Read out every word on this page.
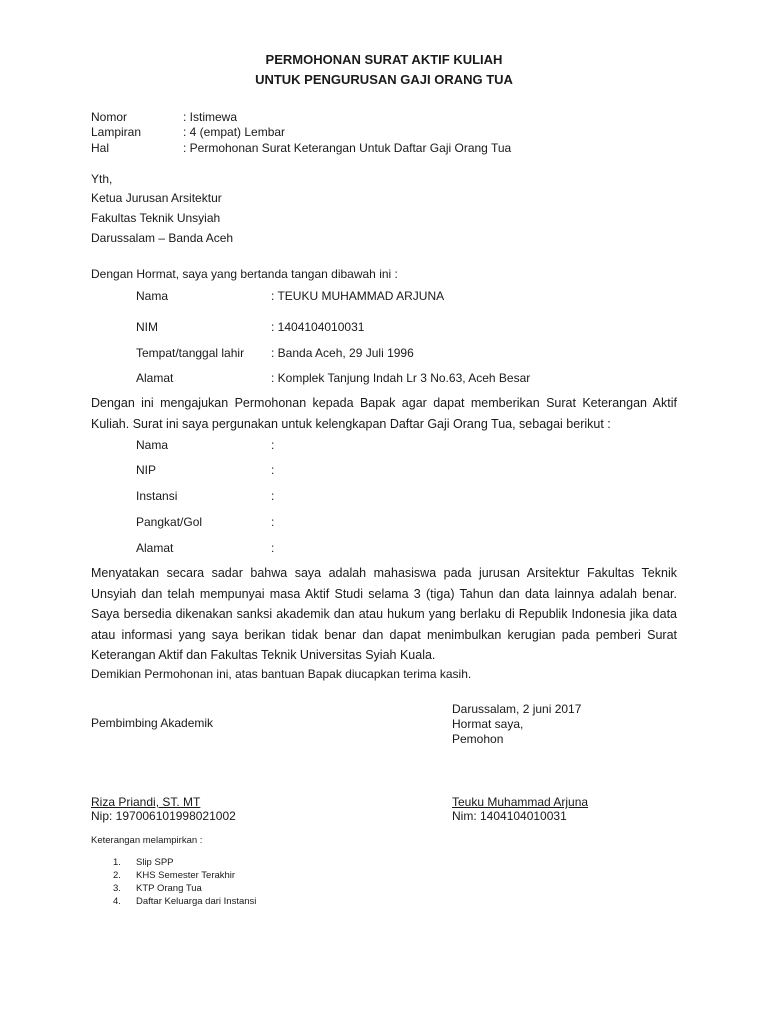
PERMOHONAN SURAT AKTIF KULIAH
UNTUK PENGURUSAN GAJI ORANG TUA
Nomor	: Istimewa
Lampiran	: 4 (empat) Lembar
Hal	: Permohonan Surat Keterangan Untuk Daftar Gaji Orang Tua
Yth,
Ketua Jurusan Arsitektur
Fakultas Teknik Unsyiah
Darussalam – Banda Aceh
Dengan Hormat, saya yang bertanda tangan dibawah ini :
Nama	: TEUKU MUHAMMAD ARJUNA
NIM	: 1404104010031
Tempat/tanggal lahir : Banda Aceh, 29 Juli 1996
Alamat	: Komplek Tanjung Indah Lr 3 No.63, Aceh Besar
Dengan ini mengajukan Permohonan kepada Bapak agar dapat memberikan Surat Keterangan Aktif Kuliah. Surat ini saya pergunakan untuk kelengkapan Daftar Gaji Orang Tua, sebagai berikut :
Nama	:
NIP	:
Instansi	:
Pangkat/Gol	:
Alamat	:
Menyatakan secara sadar bahwa saya adalah mahasiswa pada jurusan Arsitektur Fakultas Teknik Unsyiah dan telah mempunyai masa Aktif Studi selama 3 (tiga) Tahun dan data lainnya adalah benar. Saya bersedia dikenakan sanksi akademik dan atau hukum yang berlaku di Republik Indonesia jika data atau informasi yang saya berikan tidak benar dan dapat menimbulkan kerugian pada pemberi Surat Keterangan Aktif dan Fakultas Teknik Universitas Syiah Kuala.
Demikian Permohonan ini, atas bantuan Bapak diucapkan terima kasih.
Darussalam, 2 juni 2017
Hormat saya,
Pemohon
Pembimbing Akademik
Riza Priandi, ST. MT
Nip: 197006101998021002
Teuku Muhammad Arjuna
Nim: 1404104010031
Keterangan melampirkan :
1. Slip SPP
2. KHS Semester Terakhir
3. KTP Orang Tua
4. Daftar Keluarga dari Instansi
